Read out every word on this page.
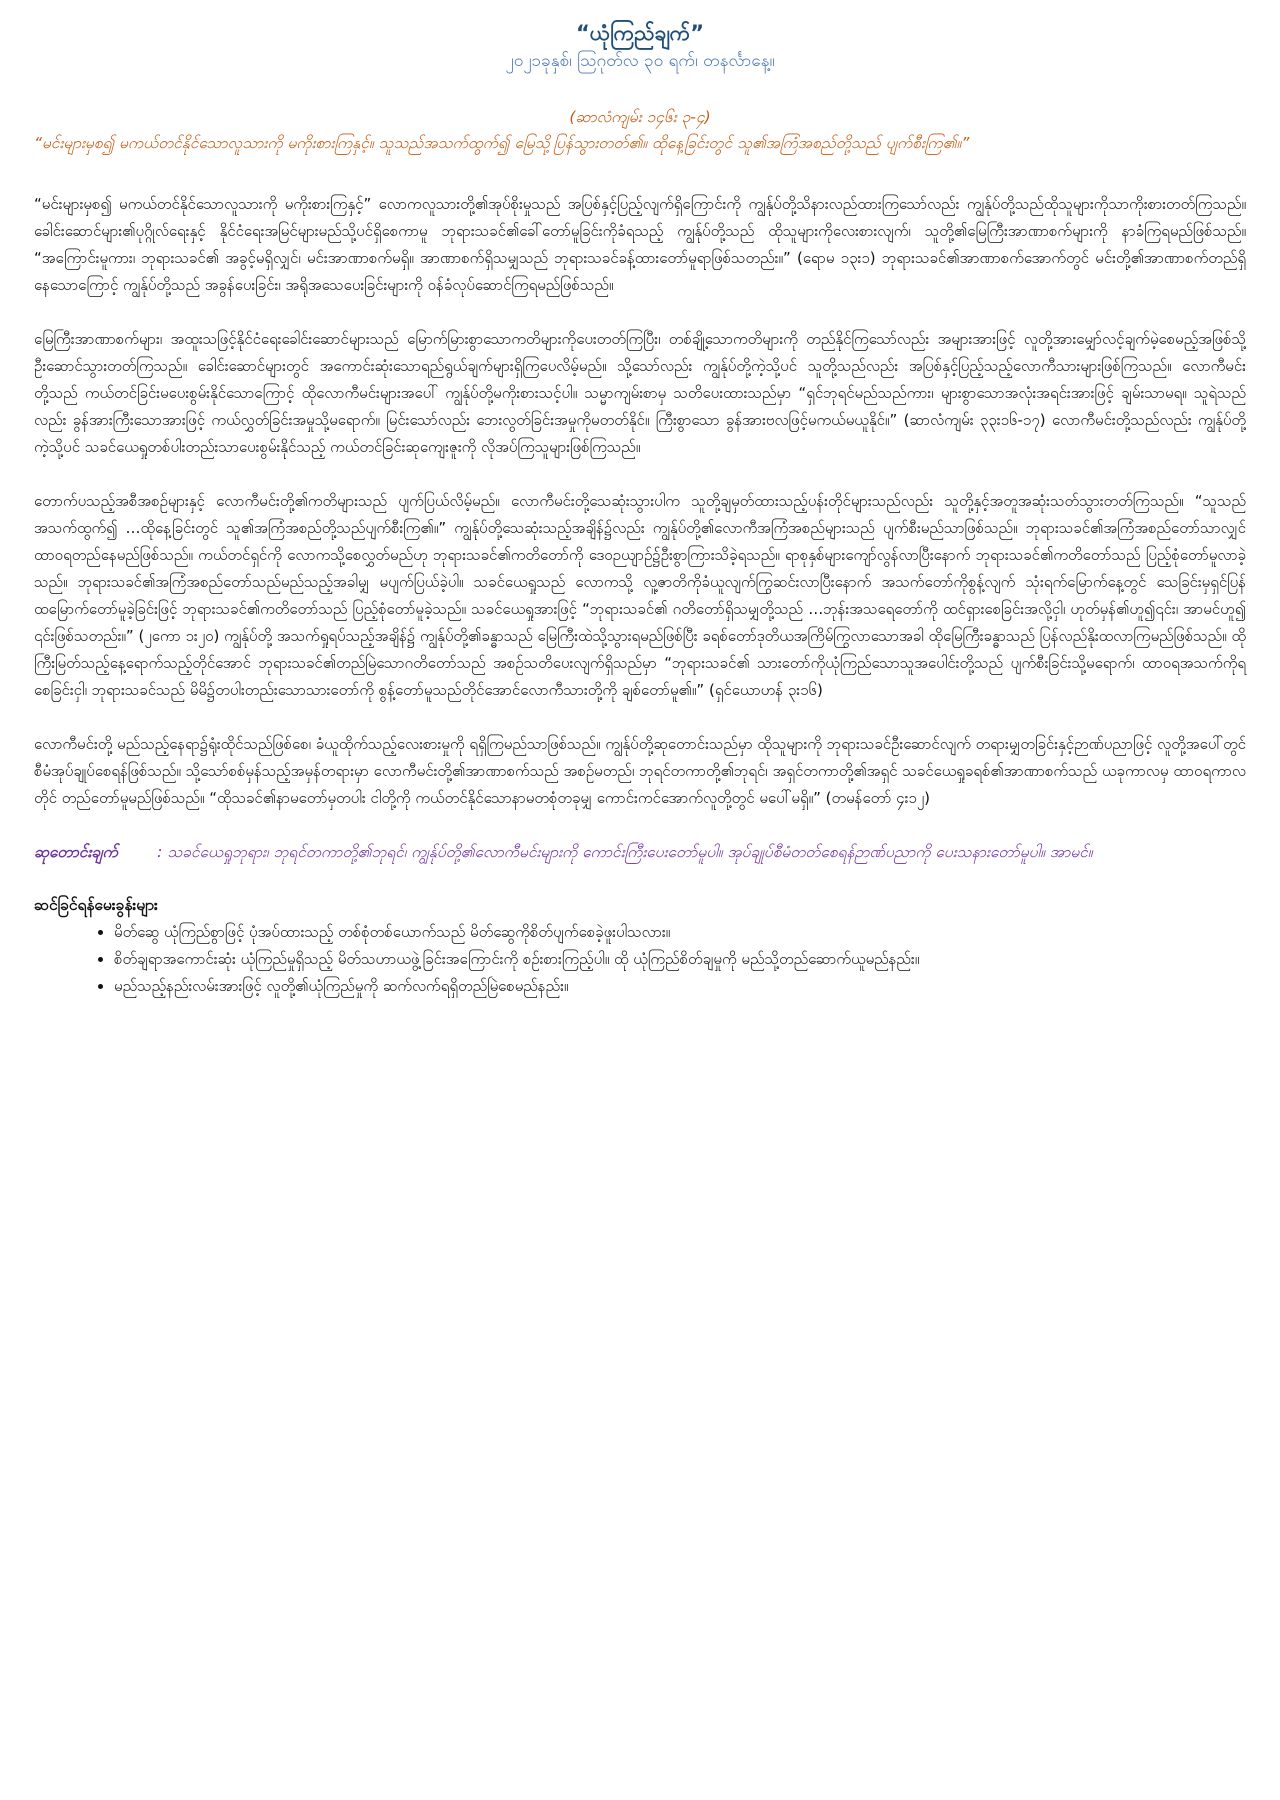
“ယုံကြည်ချက်”

၂၀၂၁ခုနှစ်၊ ဩဂုတ်လ ၃၀ ရက်၊ တနင်္လာနေ့။

(ဆာလံကျမ်း ၁၄၆း ၃-၄)

“မင်းများမှစ၍ မကယ်တင်နိုင်သောလူသားကို မကိုးစားကြနှင့်။ သူသည်အသက်ထွက်၍ မြေသို့ပြန်သွားတတ်၏။ ထိုနေ့ခြင်းတွင် သူ၏အကြံအစည်တို့သည် ပျက်စီးကြ၏။”

“မင်းများမှစ၍ မကယ်တင်နိုင်သောလူသားကို မကိုးစားကြနှင့်” လောကလူသားတို့၏အုပ်စိုးမှုသည် အပြစ်နှင့်ပြည့်လျက်ရှိကြောင်းကို ကျွန်ုပ်တို့သိနားလည်ထားကြသော်လည်း ကျွန်ုပ်တို့သည်ထိုသူများကိုသာကိုးစားတတ်ကြသည်။ ခေါင်းဆောင်များ၏ပုဂ္ဂိုလ်ရေးနှင့် နိုင်ငံရေးအမြင်များမည်သို့ပင်ရှိစေကာမူ ဘုရားသခင်၏ခေါ်တော်မူခြင်းကိုခံရသည့် ကျွန်ုပ်တို့သည် ထိုသူများကိုလေးစားလျက်၊ သူတို့၏မြေကြီးအာဏာစက်များကို နာခံကြရမည်ဖြစ်သည်။ “အကြောင်းမူကား၊ ဘုရားသခင်၏ အခွင့်မရှိလျှင်၊ မင်းအာဏာစက်မရှိ။ အာဏာစက်ရှိသမျှသည် ဘုရားသခင်ခန့်ထားတော်မူရာဖြစ်သတည်း။” (ရောမ ၁၃း၁) ဘုရားသခင်၏အာဏာစက်အောက်တွင် မင်းတို့၏အာဏာစက်တည်ရှိနေသောကြောင့် ကျွန်ုပ်တို့သည် အခွန်ပေးခြင်း၊ အရိုအသေပေးခြင်းများကို ဝန်ခံလုပ်ဆောင်ကြရမည်ဖြစ်သည်။

မြေကြီးအာဏာစက်များ၊ အထူးသဖြင့်နိုင်ငံရေးခေါင်းဆောင်များသည် မြောက်မြားစွာသောကတိများကိုပေးတတ်ကြပြီး၊ တစ်ချို့သောကတိများကို တည်နိုင်ကြသော်လည်း အများအားဖြင့် လူတို့အားမျှော်လင့်ချက်မဲ့စေမည့်အဖြစ်သို့ ဦးဆောင်သွားတတ်ကြသည်။ ခေါင်းဆောင်များတွင် အကောင်းဆုံးသောရည်ရွယ်ချက်များရှိကြပေလိမ့်မည်။ သို့သော်လည်း ကျွန်ုပ်တို့ကဲ့သို့ပင် သူတို့သည်လည်း အပြစ်နှင့်ပြည့်သည့်လောကီသားများဖြစ်ကြသည်။ လောကီမင်းတို့သည် ကယ်တင်ခြင်းမပေးစွမ်းနိုင်သောကြောင့် ထိုလောကီမင်းများအပေါ် ကျွန်ုပ်တို့မကိုးစားသင့်ပါ။ သမ္မာကျမ်းစာမှ သတိပေးထားသည်မှာ “ရှင်ဘုရင်မည်သည်ကား၊ များစွာသောအလုံးအရင်းအားဖြင့် ချမ်းသာမရ။ သူရဲသည်လည်း ခွန်အားကြီးသောအားဖြင့် ကယ်လွှတ်ခြင်းအမှုသို့မရောက်။ မြင်းသော်လည်း ဘေးလွတ်ခြင်းအမှုကိုမတတ်နိုင်။ ကြီးစွာသော ခွန်အားဗလဖြင့်မကယ်မယူနိုင်။” (ဆာလံကျမ်း ၃၃း၁၆-၁၇) လောကီမင်းတို့သည်လည်း ကျွန်ုပ်တို့ကဲ့သို့ပင် သခင်ယေရှုတစ်ပါးတည်းသာပေးစွမ်းနိုင်သည့် ကယ်တင်ခြင်းဆုကျေးဇူးကို လိုအပ်ကြသူများဖြစ်ကြသည်။

တောက်ပသည့်အစီအစဉ်များနှင့် လောကီမင်းတို့၏ကတိများသည် ပျက်ပြယ်လိမ့်မည်။ လောကီမင်းတို့သေဆုံးသွားပါက သူတို့ချမှတ်ထားသည့်ပန်းတိုင်များသည်လည်း သူတို့နှင့်အတူအဆုံးသတ်သွားတတ်ကြသည်။ “သူသည်အသက်ထွက်၍ …ထိုနေ့ခြင်းတွင် သူ၏အကြံအစည်တို့သည်ပျက်စီးကြ၏။” ကျွန်ုပ်တို့သေဆုံးသည့်အချိန်၌လည်း ကျွန်ုပ်တို့၏လောကီအကြံအစည်များသည် ပျက်စီးမည်သာဖြစ်သည်။ ဘုရားသခင်၏အကြံအစည်တော်သာလျှင် ထာဝရတည်နေမည်ဖြစ်သည်။ ကယ်တင်ရှင်ကို လောကသို့စေလွှတ်မည်ဟု ဘုရားသခင်၏ကတိတော်ကို ဒေဝဉယျာဉ်၌ဦးစွာကြားသိခဲ့ရသည်။ ရာစုနှစ်များကျော်လွန်လာပြီးနောက် ဘုရားသခင်၏ကတိတော်သည် ပြည့်စုံတော်မူလာခဲ့သည်။ ဘုရားသခင်၏အကြံအစည်တော်သည်မည်သည့်အခါမျှ မပျက်ပြယ်ခဲ့ပါ။ သခင်ယေရှုသည် လောကသို့ လူ့ဇာတိကိုခံယူလျက်ကြွဆင်းလာပြီးနောက် အသက်တော်ကိုစွန့်လျက် သုံးရက်မြောက်နေ့တွင် သေခြင်းမှရှင်ပြန်ထမြောက်တော်မူခဲ့ခြင်းဖြင့် ဘုရားသခင်၏ကတိတော်သည် ပြည့်စုံတော်မူခဲ့သည်။ သခင်ယေရှုအားဖြင့် “ဘုရားသခင်၏ ဂတိတော်ရှိသမျှတို့သည် …ဘုန်းအသရေတော်ကို ထင်ရှားစေခြင်းအလို့ငှါ၊ ဟုတ်မှန်၏ဟူ၍၎င်း၊ အာမင်ဟူ၍ ၎င်းဖြစ်သတည်း။” (၂ကော ၁း၂၀) ကျွန်ုပ်တို့ အသက်ရှုရပ်သည့်အချိန်၌ ကျွန်ုပ်တို့၏ခန္ဓာသည် မြေကြီးထဲသို့သွားရမည်ဖြစ်ပြီး ခရစ်တော်ဒုတိယအကြိမ်ကြွလာသောအခါ ထိုမြေကြီးခန္ဓာသည် ပြန်လည်နိုးထလာကြမည်ဖြစ်သည်။ ထိုကြီးမြတ်သည့်နေ့ရောက်သည့်တိုင်အောင် ဘုရားသခင်၏တည်မြဲသောဂတိတော်သည် အစဉ်သတိပေးလျက်ရှိသည်မှာ “ဘုရားသခင်၏ သားတော်ကိုယုံကြည်သောသူအပေါင်းတို့သည် ပျက်စီးခြင်းသို့မရောက်၊ ထာဝရအသက်ကိုရစေခြင်းငှါ၊ ဘုရားသခင်သည် မိမိ၌တပါးတည်းသောသားတော်ကို စွန့်တော်မူသည်တိုင်အောင်လောကီသားတို့ကို ချစ်တော်မူ၏။” (ရှင်ယောဟန် ၃း၁၆)

လောကီမင်းတို့ မည်သည့်နေရာ၌ရုံးထိုင်သည်ဖြစ်စေ၊ ခံယူထိုက်သည့်လေးစားမှုကို ရရှိကြမည်သာဖြစ်သည်။ ကျွန်ုပ်တို့ဆုတောင်းသည်မှာ ထိုသူများကို ဘုရားသခင်ဦးဆောင်လျက် တရားမျှတခြင်းနှင့်ဉာဏ်ပညာဖြင့် လူတို့အပေါ်တွင် စီမံအုပ်ချုပ်စေရန်ဖြစ်သည်။ သို့သော်စစ်မှန်သည့်အမှန်တရားမှာ လောကီမင်းတို့၏အာဏာစက်သည် အစဉ်မတည်၊ ဘုရင်တကာတို့၏ဘုရင်၊ အရှင်တကာတို့၏အရှင် သခင်ယေရှုခရစ်၏အာဏာစက်သည် ယခုကာလမှ ထာဝရကာလတိုင် တည်တော်မူမည်ဖြစ်သည်။ “ထိုသခင်၏နာမတော်မှတပါး ငါတို့ကို ကယ်တင်နိုင်သောနာမတစုံတခုမျှ ကောင်းကင်အောက်လူတို့တွင် မပေါ်မရှိ။” (တမန်တော် ၄း၁၂)

ဆုတောင်းချက်	: သခင်ယေရှုဘုရား၊ ဘုရင်တကာတို့၏ဘုရင်၊ ကျွန်ုပ်တို့၏လောကီမင်းများကို ကောင်းကြီးပေးတော်မူပါ။ အုပ်ချုပ်စီမံတတ်စေရန်ဉာဏ်ပညာကို ပေးသနားတော်မူပါ။ အာမင်။

ဆင်ခြင်ရန်မေးခွန်းများ

• မိတ်ဆွေ ယုံကြည်စွာဖြင့် ပုံအပ်ထားသည့် တစ်စုံတစ်ယောက်သည် မိတ်ဆွေကိုစိတ်ပျက်စေခဲ့ဖူးပါသလား။
• စိတ်ချရာအကောင်းဆုံး ယုံကြည်မှုရှိသည့် မိတ်သဟာယဖွဲ့ခြင်းအကြောင်းကို စဉ်းစားကြည့်ပါ။ ထို ယုံကြည်စိတ်ချမှုကို မည်သို့တည်ဆောက်ယူမည်နည်း။
• မည်သည့်နည်းလမ်းအားဖြင့် လူတို့၏ယုံကြည်မှုကို ဆက်လက်ရရှိတည်မြဲစေမည်နည်း။
